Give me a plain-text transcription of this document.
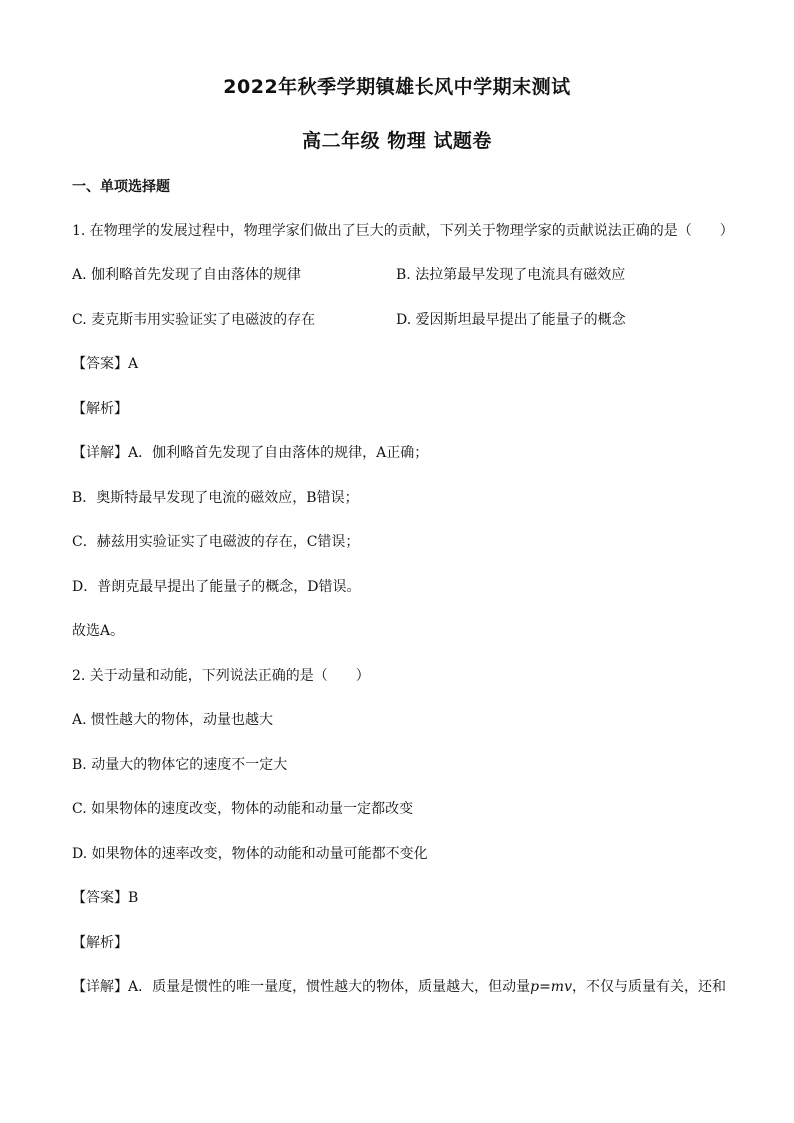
2022年秋季学期镇雄长风中学期末测试
高二年级 物理 试题卷
一、单项选择题
1. 在物理学的发展过程中，物理学家们做出了巨大的贡献，下列关于物理学家的贡献说法正确的是（　　）
A. 伽利略首先发现了自由落体的规律	B. 法拉第最早发现了电流具有磁效应
C. 麦克斯韦用实验证实了电磁波的存在	D. 爱因斯坦最早提出了能量子的概念
【答案】A
【解析】
【详解】A．伽利略首先发现了自由落体的规律，A正确；
B．奥斯特最早发现了电流的磁效应，B错误；
C．赫兹用实验证实了电磁波的存在，C错误；
D．普朗克最早提出了能量子的概念，D错误。
故选A。
2. 关于动量和动能，下列说法正确的是（　　）
A. 惯性越大的物体，动量也越大
B. 动量大的物体它的速度不一定大
C. 如果物体的速度改变，物体的动能和动量一定都改变
D. 如果物体的速率改变，物体的动能和动量可能都不变化
【答案】B
【解析】
【详解】A．质量是惯性的唯一量度，惯性越大的物体，质量越大，但动量p=mv，不仅与质量有关，还和
